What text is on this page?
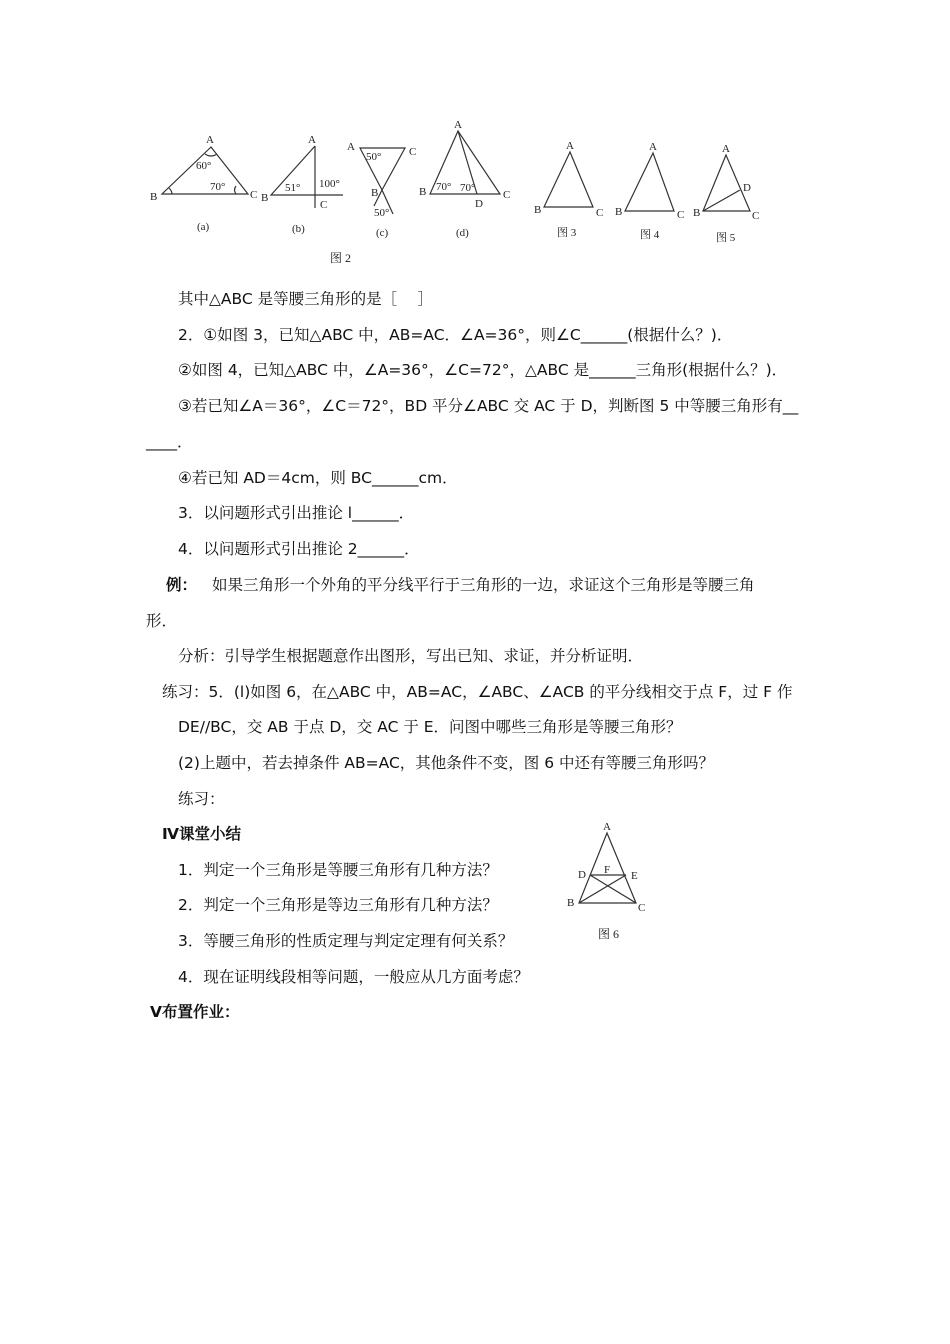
A
B	C
60°
70°
(a)
A
B
C
51° 100°
(b)
A
B
C
50°
50°
(c)
A
B	C
D
70° 70°
(d)
A
B	C
图 3
A
B	C
图 4
A
B	C
D
图 5
A
B	C
D	E
F
图 6
图 2
其中△ABC 是等腰三角形的是［　 ］
2．①如图 3，已知△ABC 中，AB=AC．∠A=36°，则∠C______(根据什么？)．
②如图 4，已知△ABC 中，∠A=36°，∠C=72°，△ABC 是______三角形(根据什么？)．
③若已知∠A＝36°，∠C＝72°，BD 平分∠ABC 交 AC 于 D，判断图 5 中等腰三角形有__
____．
④若已知 AD＝4cm，则 BC______cm．
3．以问题形式引出推论 l______．
4．以问题形式引出推论 2______．
例： 如果三角形一个外角的平分线平行于三角形的一边，求证这个三角形是等腰三角
形．
分析：引导学生根据题意作出图形，写出已知、求证，并分析证明．
练习：5．(l)如图 6，在△ABC 中，AB=AC，∠ABC、∠ACB 的平分线相交于点 F，过 F 作
DE//BC，交 AB 于点 D，交 AC 于 E．问图中哪些三角形是等腰三角形？
(2)上题中，若去掉条件 AB=AC，其他条件不变，图 6 中还有等腰三角形吗？
练习：
Ⅳ课堂小结
1．判定一个三角形是等腰三角形有几种方法？
2．判定一个三角形是等边三角形有几种方法？
3．等腰三角形的性质定理与判定定理有何关系？
4．现在证明线段相等问题，一般应从几方面考虑？
Ⅴ布置作业：
